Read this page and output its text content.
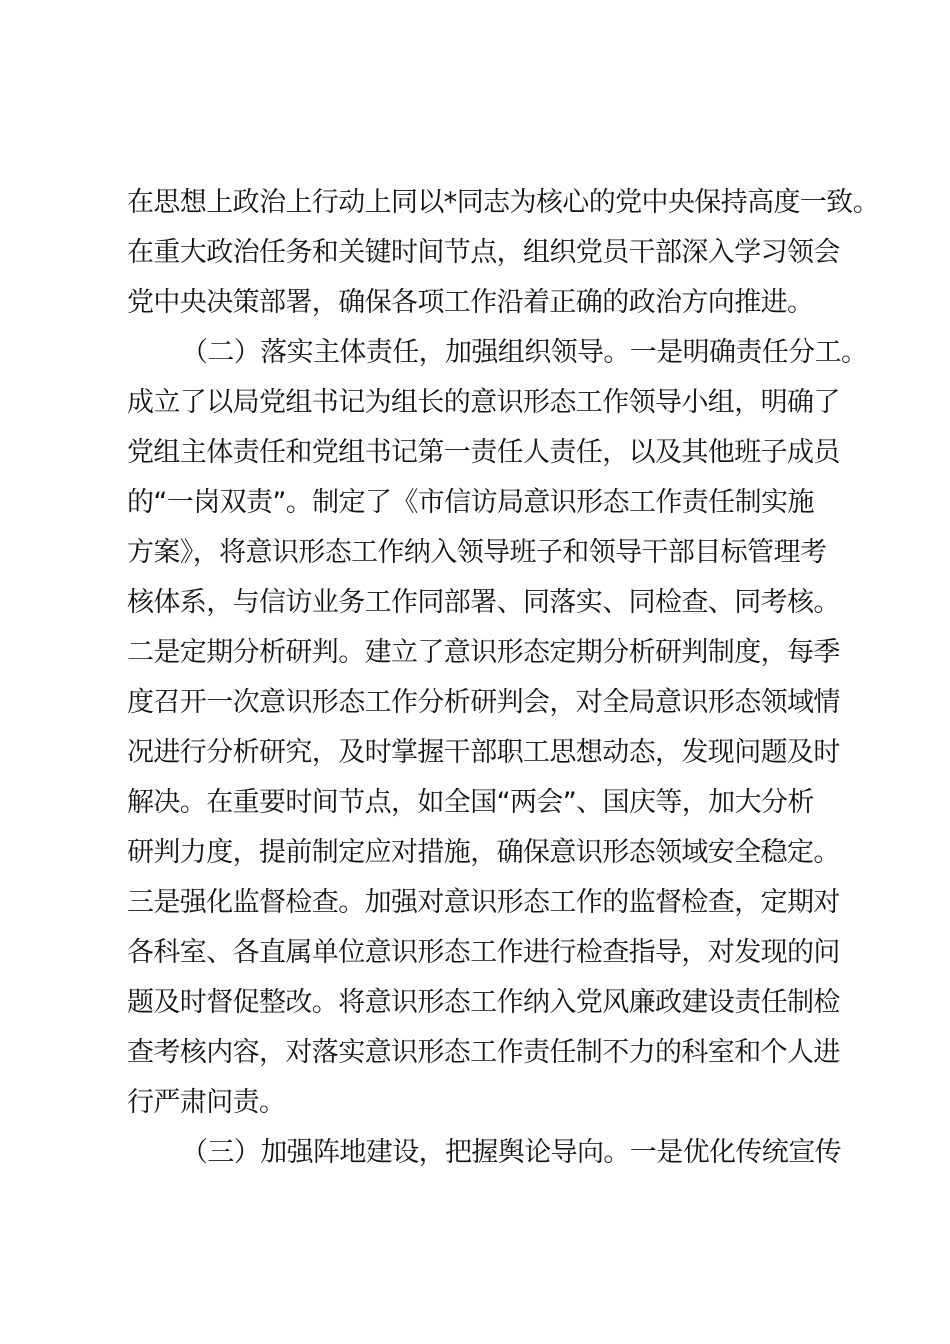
在思想上政治上行动上同以*同志为核心的党中央保持高度一致。
在重大政治任务和关键时间节点，组织党员干部深入学习领会
党中央决策部署，确保各项工作沿着正确的政治方向推进。
（二）落实主体责任，加强组织领导。一是明确责任分工。
成立了以局党组书记为组长的意识形态工作领导小组，明确了
党组主体责任和党组书记第一责任人责任，以及其他班子成员
的“一岗双责”。制定了《市信访局意识形态工作责任制实施
方案》，将意识形态工作纳入领导班子和领导干部目标管理考
核体系，与信访业务工作同部署、同落实、同检查、同考核。
二是定期分析研判。建立了意识形态定期分析研判制度，每季
度召开一次意识形态工作分析研判会，对全局意识形态领域情
况进行分析研究，及时掌握干部职工思想动态，发现问题及时
解决。在重要时间节点，如全国“两会”、国庆等，加大分析
研判力度，提前制定应对措施，确保意识形态领域安全稳定。
三是强化监督检查。加强对意识形态工作的监督检查，定期对
各科室、各直属单位意识形态工作进行检查指导，对发现的问
题及时督促整改。将意识形态工作纳入党风廉政建设责任制检
查考核内容，对落实意识形态工作责任制不力的科室和个人进
行严肃问责。
（三）加强阵地建设，把握舆论导向。一是优化传统宣传
